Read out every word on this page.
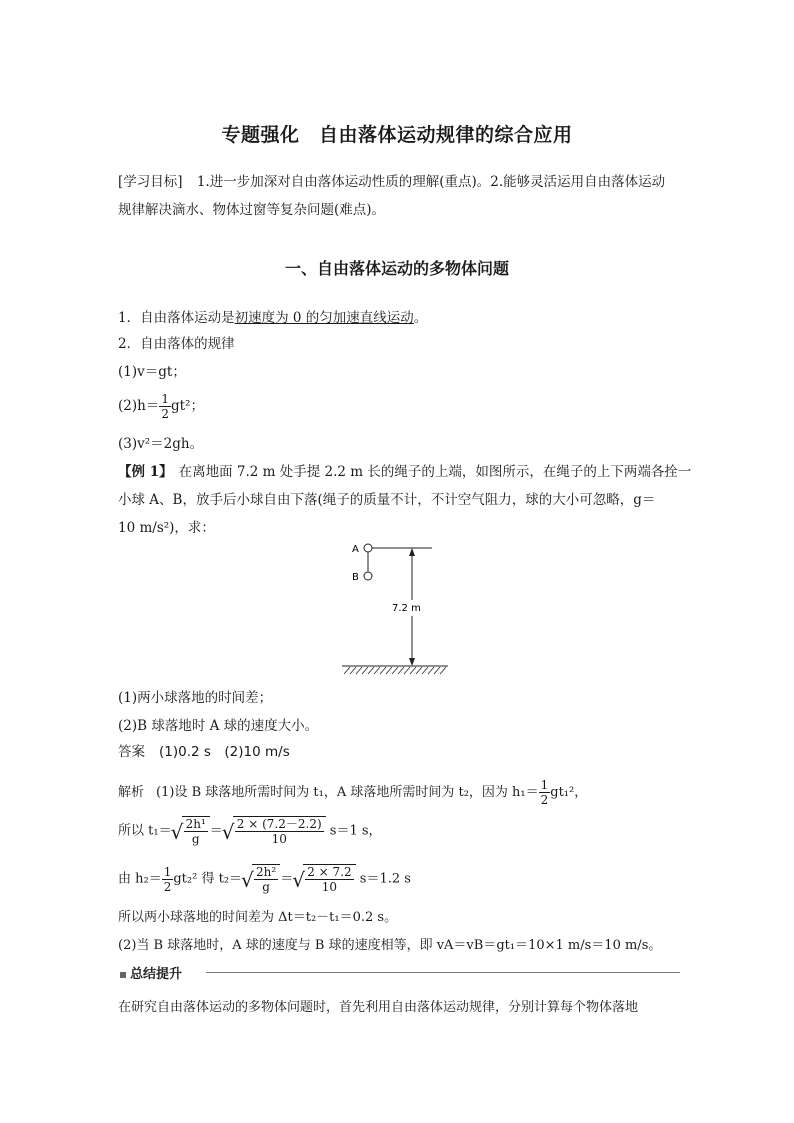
专题强化　自由落体运动规律的综合应用
[学习目标] 1.进一步加深对自由落体运动性质的理解(重点)。2.能够灵活运用自由落体运动
规律解决滴水、物体过窗等复杂问题(难点)。
一、自由落体运动的多物体问题
1．自由落体运动是初速度为 0 的匀加速直线运动。
2．自由落体的规律
(1)v＝gt；
$(2)h= \frac{1}{2} gt^2$；
(3)v²＝2gh。
【例 1】 在离地面 7.2 m 处手提 2.2 m 长的绳子的上端，如图所示，在绳子的上下两端各拴一
小球 A、B，放手后小球自由下落(绳子的质量不计，不计空气阻力，球的大小可忽略，g＝
10 m/s²)，求：
A
B
7.2 m
(1)两小球落地的时间差；
(2)B 球落地时 A 球的速度大小。
答案 (1)0.2 s　(2)10 m/s
解析 (1)设 B 球落地所需时间为 t₁，A 球落地所需时间为 t₂，因为 $h_1= \frac{1}{2} gt_1^2$，
所以 t₁＝ √ $\frac{\text{2h¹}}{g}$ ＝ √ $\frac{2 \times (7.2-2.2)}{10} s=1$ s，
由 $h_2= \frac{1}{2} gt_2^2$ 得 t₂＝ √ $\frac{\text{2h²}}{g}$ ＝ √ $\frac{2 \times 7.2}{10} s=1.2$ s
所以两小球落地的时间差为 Δt＝t₂－t₁＝0.2 s。
(2)当 B 球落地时，A 球的速度与 B 球的速度相等，即 vA＝vB＝gt₁＝10×1 m/s＝10 m/s。
总结提升
在研究自由落体运动的多物体问题时，首先利用自由落体运动规律，分别计算每个物体落地
